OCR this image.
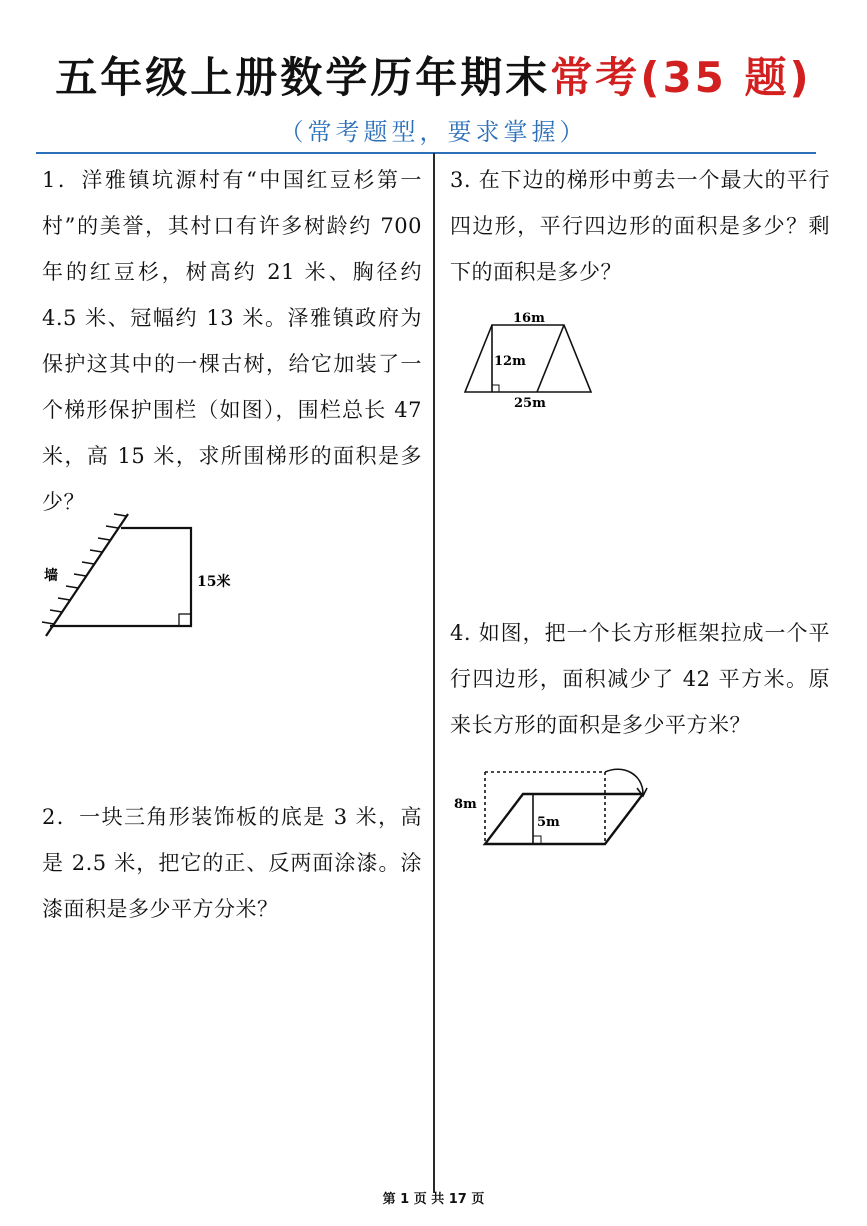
五年级上册数学历年期末常考(35 题)
（常考题型，要求掌握）

1．洋雅镇坑源村有“中国红豆杉第一村”的美誉，其村口有许多树龄约 700 年的红豆杉，树高约 21 米、胸径约 4.5 米、冠幅约 13 米。泽雅镇政府为保护这其中的一棵古树，给它加装了一个梯形保护围栏（如图），围栏总长 47 米，高 15 米，求所围梯形的面积是多少？

墙	15米

2．一块三角形装饰板的底是 3 米，高是 2.5 米，把它的正、反两面涂漆。涂漆面积是多少平方分米？

3. 在下边的梯形中剪去一个最大的平行四边形，平行四边形的面积是多少？剩下的面积是多少？

16m
12m
25m

4. 如图，把一个长方形框架拉成一个平行四边形，面积减少了 42 平方米。原来长方形的面积是多少平方米？

8m
5m
第 1 页 共 17 页
